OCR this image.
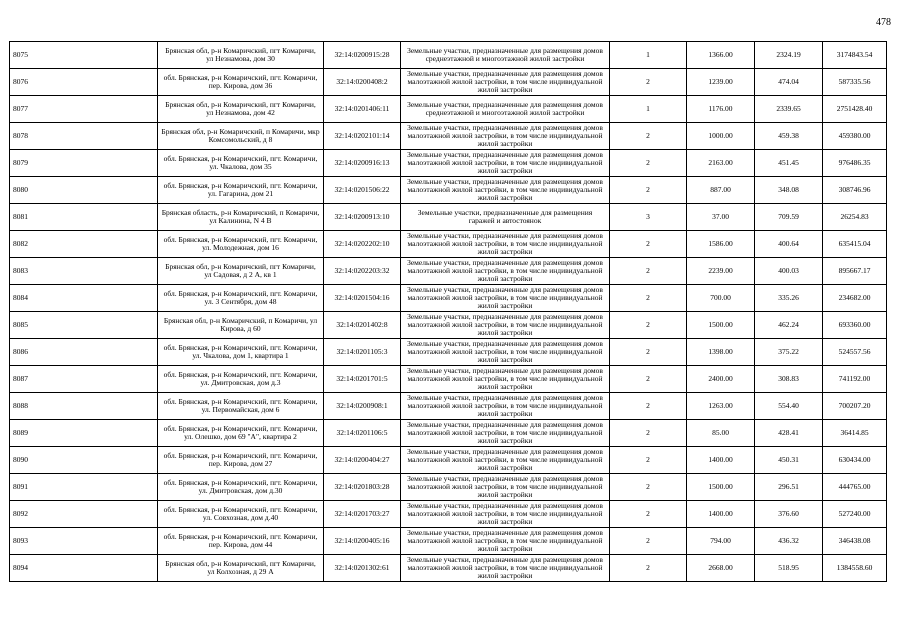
478
8075	Брянская обл, р-н Комаричский, пгт Комаричи, ул Незнамова, дом 30	32:14:0200915:28	Земельные участки, предназначенные для размещения домов среднеэтажной и многоэтажной жилой застройки	1	1366.00	2324.19	3174843.54
8076	обл. Брянская, р-н Комаричский, пгт. Комаричи, пер. Кирова, дом 36	32:14:0200408:2	Земельные участки, предназначенные для размещения домов малоэтажной жилой застройки, в том числе индивидуальной жилой застройки	2	1239.00	474.04	587335.56
8077	Брянская обл, р-н Комаричский, пгт Комаричи, ул Незнамова, дом 42	32:14:0201406:11	Земельные участки, предназначенные для размещения домов среднеэтажной и многоэтажной жилой застройки	1	1176.00	2339.65	2751428.40
8078	Брянская обл, р-н Комаричский, п Комаричи, мкр Комсомольский, д 8	32:14:0202101:14	Земельные участки, предназначенные для размещения домов малоэтажной жилой застройки, в том числе индивидуальной жилой застройки	2	1000.00	459.38	459380.00
8079	обл. Брянская, р-н Комаричский, пгт. Комаричи, ул. Чкалова, дом 35	32:14:0200916:13	Земельные участки, предназначенные для размещения домов малоэтажной жилой застройки, в том числе индивидуальной жилой застройки	2	2163.00	451.45	976486.35
8080	обл. Брянская, р-н Комаричский, пгт. Комаричи, ул. Гагарина, дом 21	32:14:0201506:22	Земельные участки, предназначенные для размещения домов малоэтажной жилой застройки, в том числе индивидуальной жилой застройки	2	887.00	348.08	308746.96
8081	Брянская область, р-н Комаричский, п Комаричи, ул Калинина, N 4 В	32:14:0200913:10	Земельные участки, предназначенные для размещения гаражей и автостоянок	3	37.00	709.59	26254.83
8082	обл. Брянская, р-н Комаричский, пгт. Комаричи, ул. Молодежная, дом 16	32:14:0202202:10	Земельные участки, предназначенные для размещения домов малоэтажной жилой застройки, в том числе индивидуальной жилой застройки	2	1586.00	400.64	635415.04
8083	Брянская обл, р-н Комаричский, пгт Комаричи, ул Садовая, д 2 А, кв 1	32:14:0202203:32	Земельные участки, предназначенные для размещения домов малоэтажной жилой застройки, в том числе индивидуальной жилой застройки	2	2239.00	400.03	895667.17
8084	обл. Брянская, р-н Комаричский, пгт. Комаричи, ул. 3 Сентября, дом 48	32:14:0201504:16	Земельные участки, предназначенные для размещения домов малоэтажной жилой застройки, в том числе индивидуальной жилой застройки	2	700.00	335.26	234682.00
8085	Брянская обл, р-н Комаричский, п Комаричи, ул Кирова, д 60	32:14:0201402:8	Земельные участки, предназначенные для размещения домов малоэтажной жилой застройки, в том числе индивидуальной жилой застройки	2	1500.00	462.24	693360.00
8086	обл. Брянская, р-н Комаричский, пгт. Комаричи, ул. Чкалова, дом 1, квартира 1	32:14:0201105:3	Земельные участки, предназначенные для размещения домов малоэтажной жилой застройки, в том числе индивидуальной жилой застройки	2	1398.00	375.22	524557.56
8087	обл. Брянская, р-н Комаричский, пгт. Комаричи, ул. Дмитровская, дом д.3	32:14:0201701:5	Земельные участки, предназначенные для размещения домов малоэтажной жилой застройки, в том числе индивидуальной жилой застройки	2	2400.00	308.83	741192.00
8088	обл. Брянская, р-н Комаричский, пгт. Комаричи, ул. Первомайская, дом 6	32:14:0200908:1	Земельные участки, предназначенные для размещения домов малоэтажной жилой застройки, в том числе индивидуальной жилой застройки	2	1263.00	554.40	700207.20
8089	обл. Брянская, р-н Комаричский, пгт. Комаричи, ул. Олешко, дом 69 "А", квартира 2	32:14:0201106:5	Земельные участки, предназначенные для размещения домов малоэтажной жилой застройки, в том числе индивидуальной жилой застройки	2	85.00	428.41	36414.85
8090	обл. Брянская, р-н Комаричский, пгт. Комаричи, пер. Кирова, дом 27	32:14:0200404:27	Земельные участки, предназначенные для размещения домов малоэтажной жилой застройки, в том числе индивидуальной жилой застройки	2	1400.00	450.31	630434.00
8091	обл. Брянская, р-н Комаричский, пгт. Комаричи, ул. Дмитровская, дом д.30	32:14:0201803:28	Земельные участки, предназначенные для размещения домов малоэтажной жилой застройки, в том числе индивидуальной жилой застройки	2	1500.00	296.51	444765.00
8092	обл. Брянская, р-н Комаричский, пгт. Комаричи, ул. Совхозная, дом д.40	32:14:0201703:27	Земельные участки, предназначенные для размещения домов малоэтажной жилой застройки, в том числе индивидуальной жилой застройки	2	1400.00	376.60	527240.00
8093	обл. Брянская, р-н Комаричский, пгт. Комаричи, пер. Кирова, дом 44	32:14:0200405:16	Земельные участки, предназначенные для размещения домов малоэтажной жилой застройки, в том числе индивидуальной жилой застройки	2	794.00	436.32	346438.08
8094	Брянская обл, р-н Комаричский, пгт Комаричи, ул Колхозная, д 29 А	32:14:0201302:61	Земельные участки, предназначенные для размещения домов малоэтажной жилой застройки, в том числе индивидуальной жилой застройки	2	2668.00	518.95	1384558.60
